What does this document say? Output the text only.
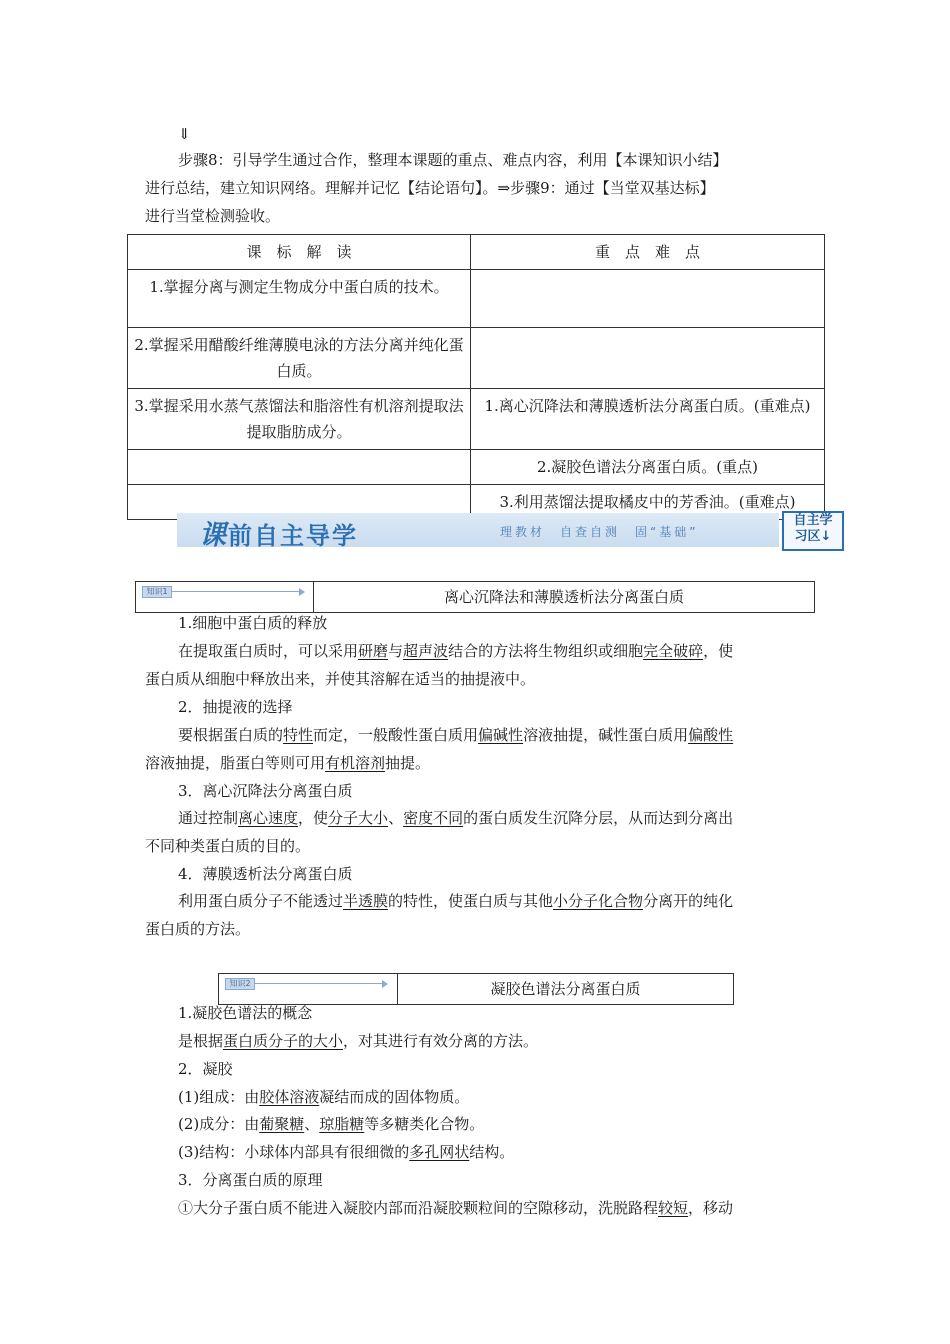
⇓
步骤8：引导学生通过合作，整理本课题的重点、难点内容，利用【本课知识小结】
进行总结，建立知识网络。理解并记忆【结论语句】。⇒步骤9：通过【当堂双基达标】
进行当堂检测验收。
课　标　解　读	重　点　难　点
1.掌握分离与测定生物成分中蛋白质的技术。	
2.掌握采用醋酸纤维薄膜电泳的方法分离并纯化蛋白质。	
3.掌握采用水蒸气蒸馏法和脂溶性有机溶剂提取法提取脂肪成分。	1.离心沉降法和薄膜透析法分离蛋白质。(重难点)
	2.凝胶色谱法分离蛋白质。(重点)
	3.利用蒸馏法提取橘皮中的芳香油。(重难点)
课前自主导学	理教材　自查自测　固“基础”
自主学
习区↓
知识1	离心沉降法和薄膜透析法分离蛋白质
1.细胞中蛋白质的释放
在提取蛋白质时，可以采用研磨与超声波结合的方法将生物组织或细胞完全破碎，使
蛋白质从细胞中释放出来，并使其溶解在适当的抽提液中。
2．抽提液的选择
要根据蛋白质的特性而定，一般酸性蛋白质用偏碱性溶液抽提，碱性蛋白质用偏酸性
溶液抽提，脂蛋白等则可用有机溶剂抽提。
3．离心沉降法分离蛋白质
通过控制离心速度，使分子大小、密度不同的蛋白质发生沉降分层，从而达到分离出
不同种类蛋白质的目的。
4．薄膜透析法分离蛋白质
利用蛋白质分子不能透过半透膜的特性，使蛋白质与其他小分子化合物分离开的纯化
蛋白质的方法。
知识2	凝胶色谱法分离蛋白质
1.凝胶色谱法的概念
是根据蛋白质分子的大小，对其进行有效分离的方法。
2．凝胶
(1)组成：由胶体溶液凝结而成的固体物质。
(2)成分：由葡聚糖、琼脂糖等多糖类化合物。
(3)结构：小球体内部具有很细微的多孔网状结构。
3．分离蛋白质的原理
①大分子蛋白质不能进入凝胶内部而沿凝胶颗粒间的空隙移动，洗脱路程较短，移动
